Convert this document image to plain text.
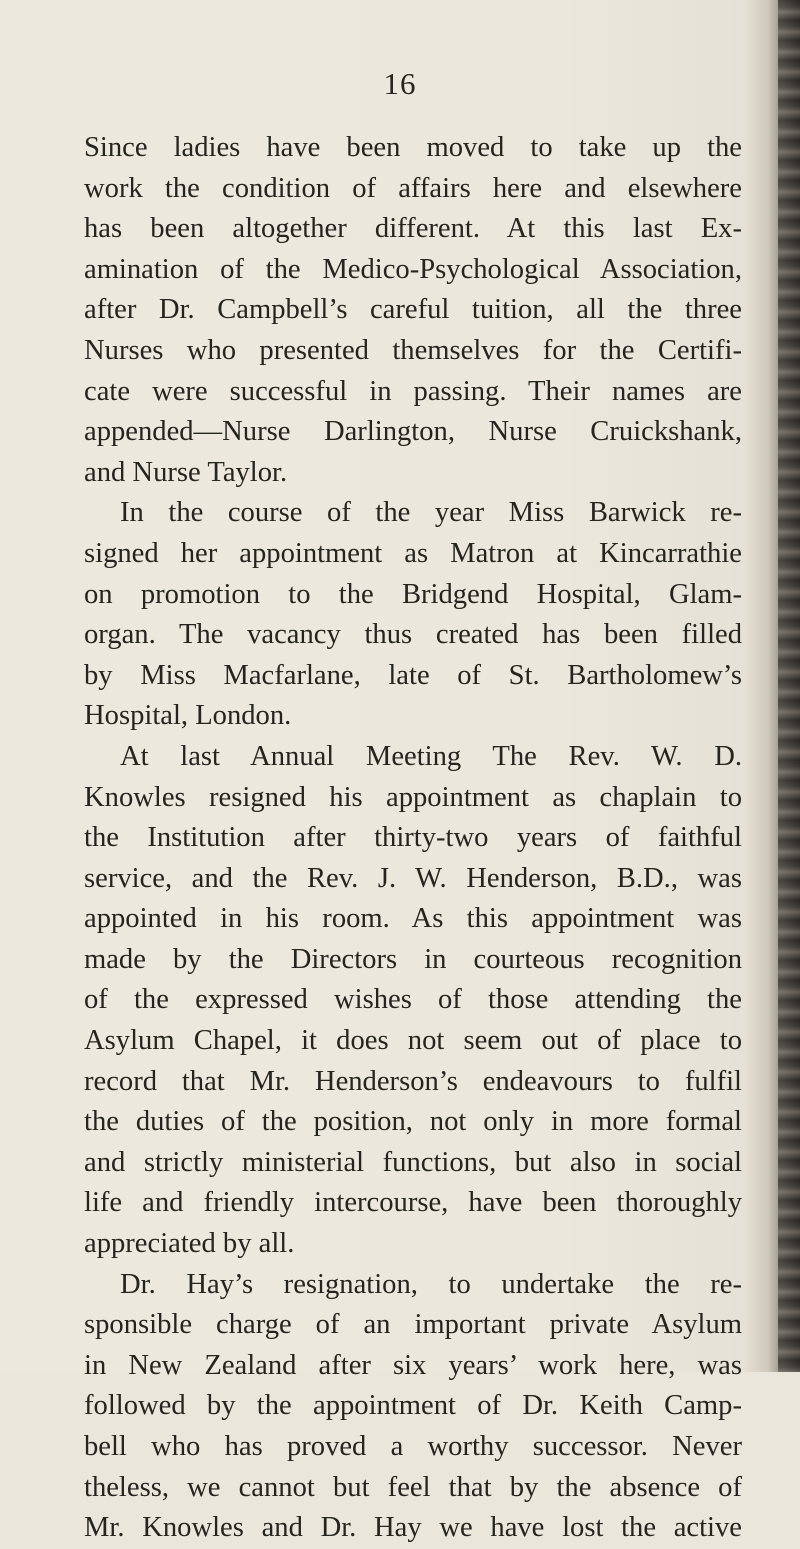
16
Since ladies have been moved to take up the
work the condition of affairs here and elsewhere
has been altogether different. At this last Ex-
amination of the Medico-Psychological Association,
after Dr. Campbell’s careful tuition, all the three
Nurses who presented themselves for the Certifi-
cate were successful in passing. Their names are
appended—Nurse Darlington, Nurse Cruickshank,
and Nurse Taylor.
In the course of the year Miss Barwick re-
signed her appointment as Matron at Kincarrathie
on promotion to the Bridgend Hospital, Glam-
organ. The vacancy thus created has been filled
by Miss Macfarlane, late of St. Bartholomew’s
Hospital, London.
At last Annual Meeting The Rev. W. D.
Knowles resigned his appointment as chaplain to
the Institution after thirty-two years of faithful
service, and the Rev. J. W. Henderson, B.D., was
appointed in his room. As this appointment was
made by the Directors in courteous recognition
of the expressed wishes of those attending the
Asylum Chapel, it does not seem out of place to
record that Mr. Henderson’s endeavours to fulfil
the duties of the position, not only in more formal
and strictly ministerial functions, but also in social
life and friendly intercourse, have been thoroughly
appreciated by all.
Dr. Hay’s resignation, to undertake the re-
sponsible charge of an important private Asylum
in New Zealand after six years’ work here, was
followed by the appointment of Dr. Keith Camp-
bell who has proved a worthy successor. Never
theless, we cannot but feel that by the absence of
Mr. Knowles and Dr. Hay we have lost the active
